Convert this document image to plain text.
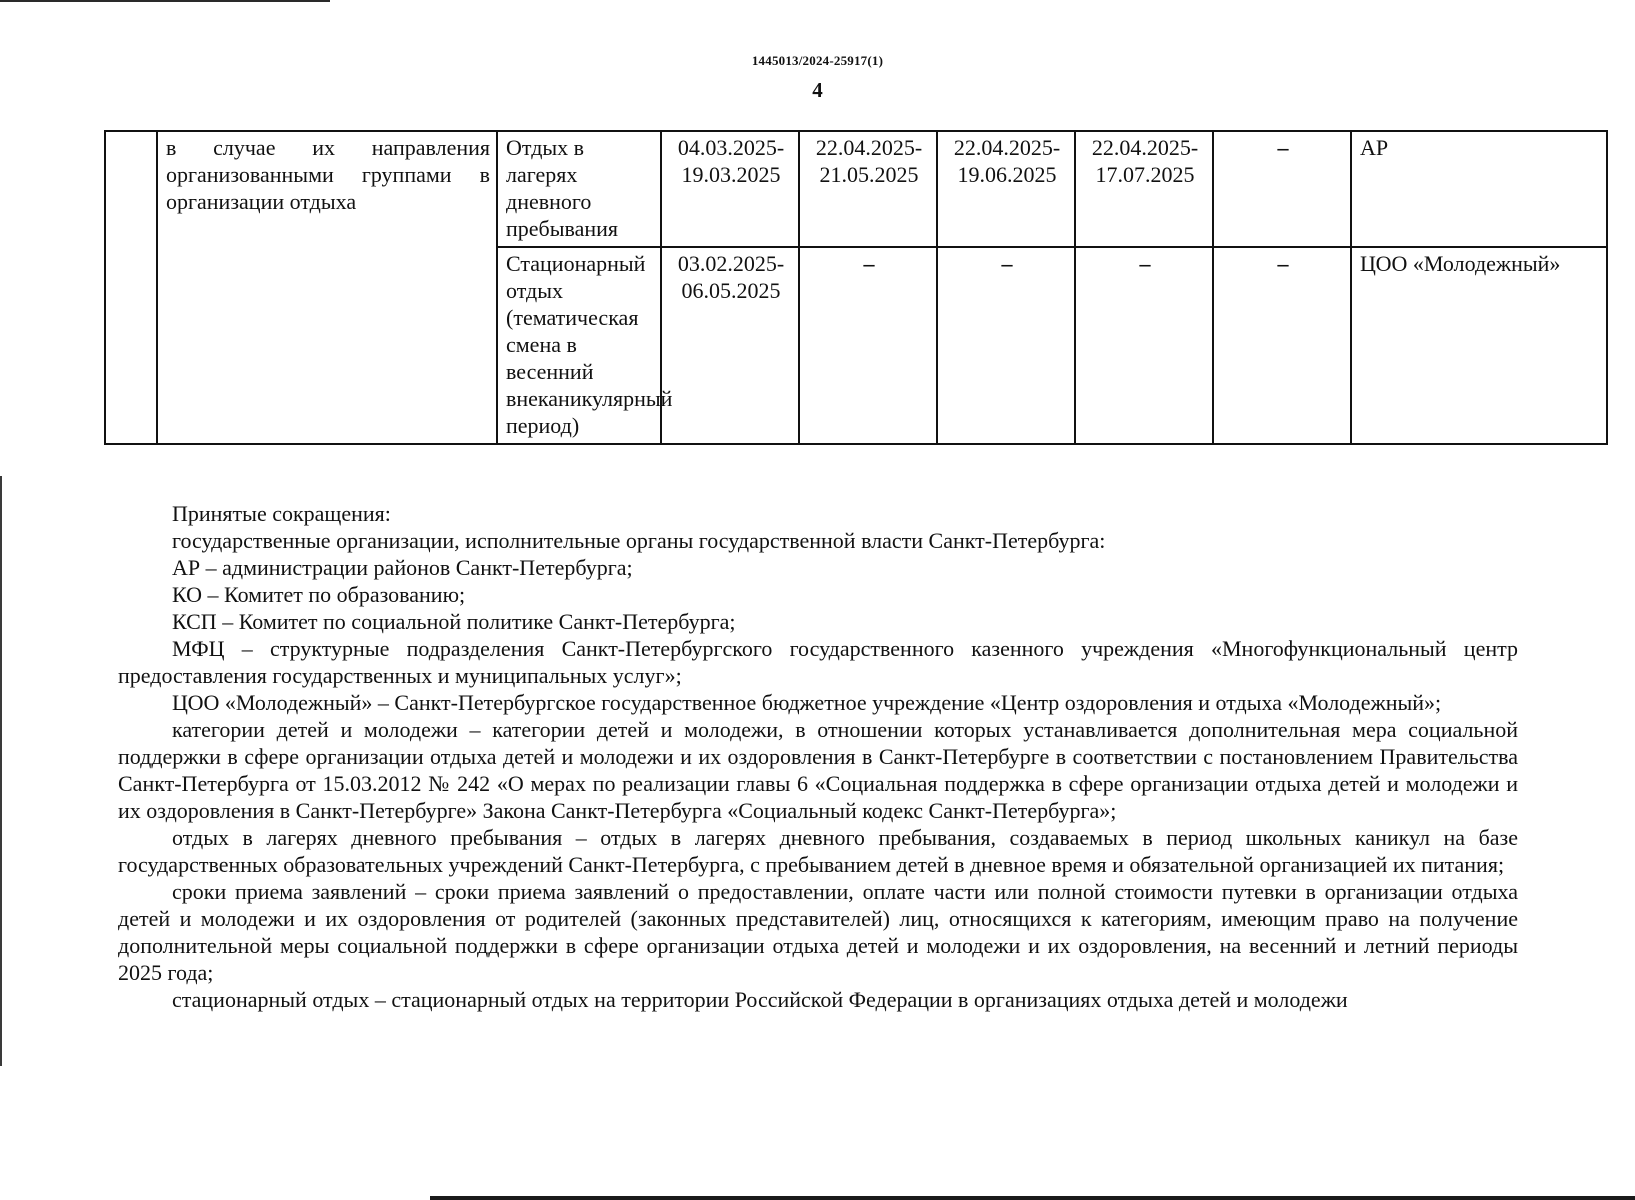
1445013/2024-25917(1)
4
	в случае их направления организованными группами в организации отдыха	Отдых в лагерях дневного пребывания	04.03.2025-19.03.2025	22.04.2025-21.05.2025	22.04.2025-19.06.2025	22.04.2025-17.07.2025	–	АР
		Стационарный отдых (тематическая смена в весенний внеканикулярный период)	03.02.2025-06.05.2025	–	–	–	–	ЦОО «Молодежный»

Принятые сокращения:

государственные организации, исполнительные органы государственной власти Санкт-Петербурга:

АР – администрации районов Санкт-Петербурга;

КО – Комитет по образованию;

КСП – Комитет по социальной политике Санкт-Петербурга;

МФЦ – структурные подразделения Санкт-Петербургского государственного казенного учреждения «Многофункциональный центр предоставления государственных и муниципальных услуг»;

ЦОО «Молодежный» – Санкт-Петербургское государственное бюджетное учреждение «Центр оздоровления и отдыха «Молодежный»;

категории детей и молодежи – категории детей и молодежи, в отношении которых устанавливается дополнительная мера социальной поддержки в сфере организации отдыха детей и молодежи и их оздоровления в Санкт-Петербурге в соответствии с постановлением Правительства Санкт-Петербурга от 15.03.2012 № 242 «О мерах по реализации главы 6 «Социальная поддержка в сфере организации отдыха детей и молодежи и их оздоровления в Санкт-Петербурге» Закона Санкт-Петербурга «Социальный кодекс Санкт-Петербурга»;

отдых в лагерях дневного пребывания – отдых в лагерях дневного пребывания, создаваемых в период школьных каникул на базе государственных образовательных учреждений Санкт-Петербурга, с пребыванием детей в дневное время и обязательной организацией их питания;

сроки приема заявлений – сроки приема заявлений о предоставлении, оплате части или полной стоимости путевки в организации отдыха детей и молодежи и их оздоровления от родителей (законных представителей) лиц, относящихся к категориям, имеющим право на получение дополнительной меры социальной поддержки в сфере организации отдыха детей и молодежи и их оздоровления, на весенний и летний периоды 2025 года;

стационарный отдых – стационарный отдых на территории Российской Федерации в организациях отдыха детей и молодежи
